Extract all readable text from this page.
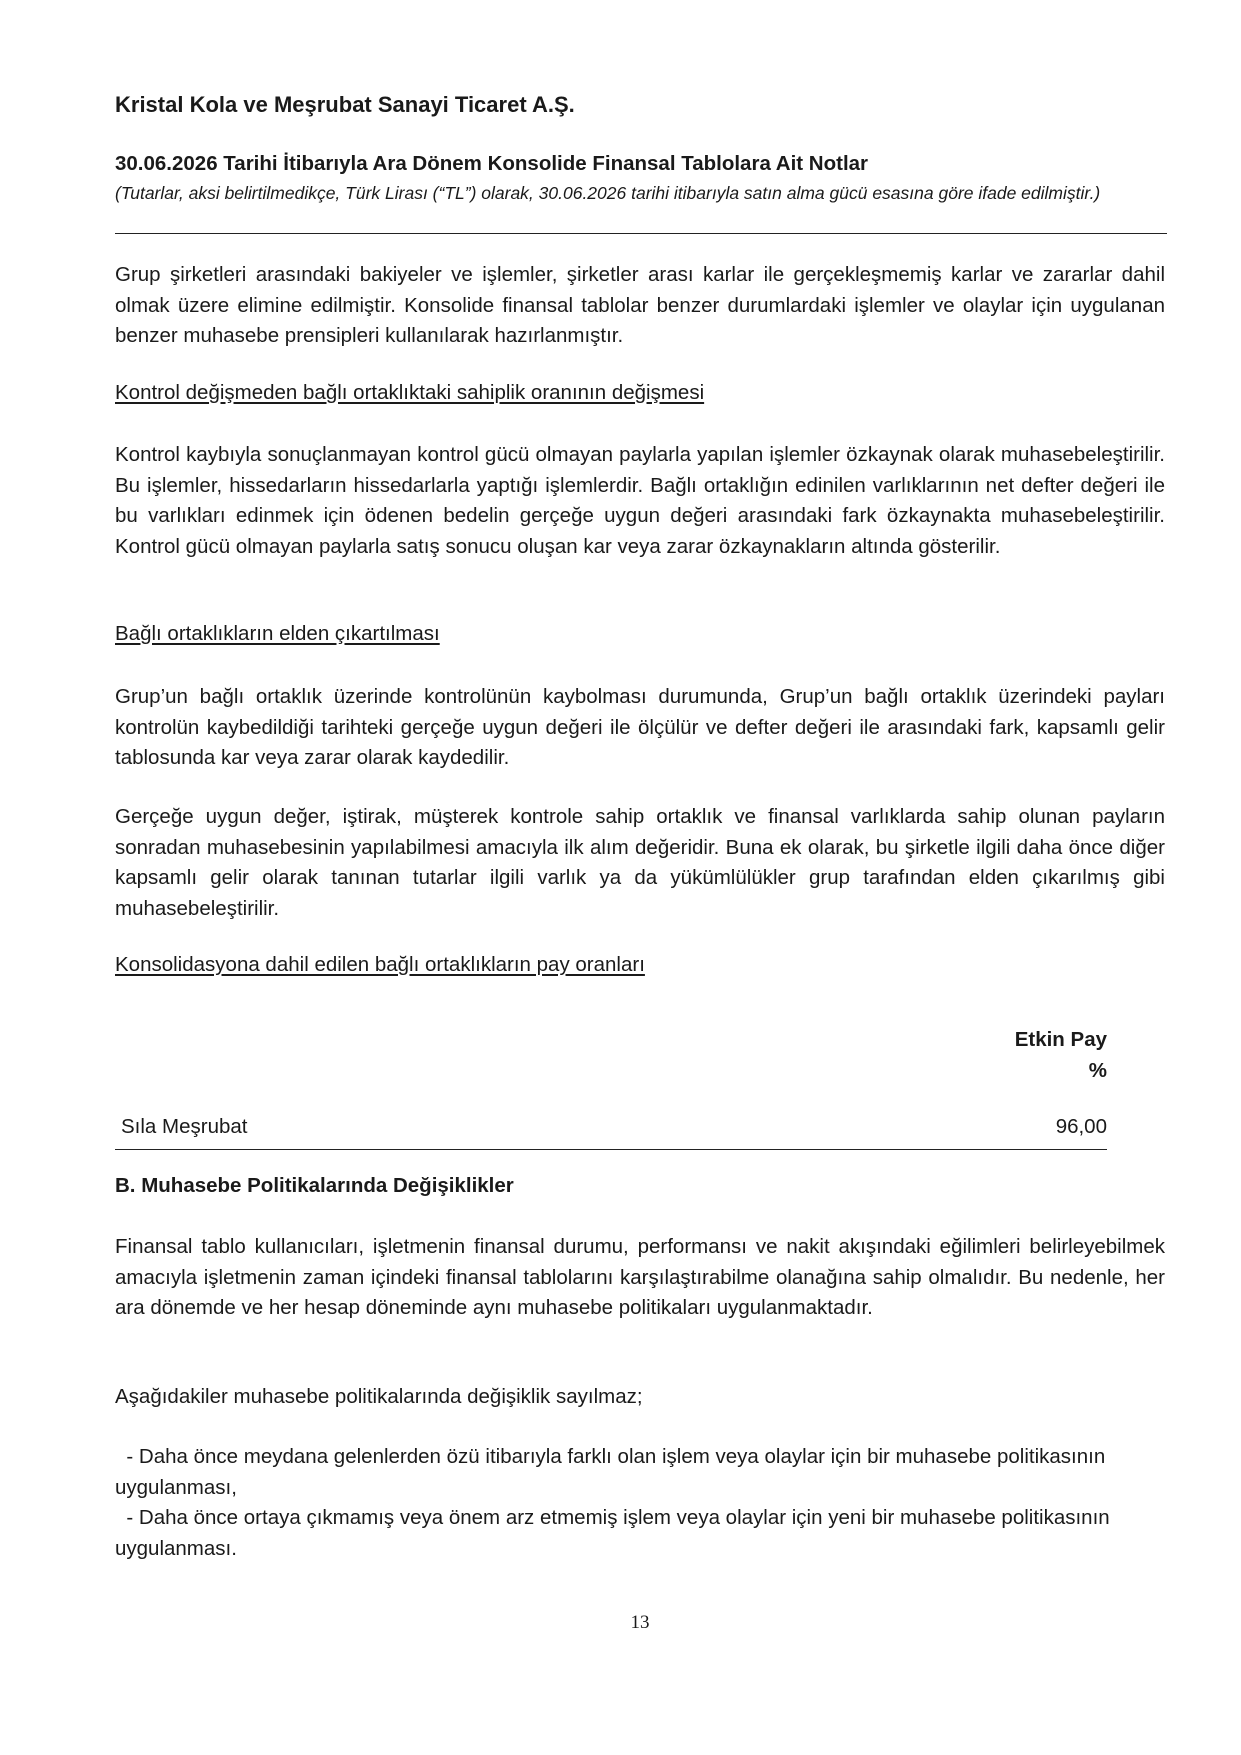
Kristal Kola ve Meşrubat Sanayi Ticaret A.Ş.
30.06.2026 Tarihi İtibarıyla Ara Dönem Konsolide Finansal Tablolara Ait Notlar
(Tutarlar, aksi belirtilmedikçe, Türk Lirası (“TL”) olarak, 30.06.2026 tarihi itibarıyla satın alma gücü esasına göre ifade edilmiştir.)
Grup şirketleri arasındaki bakiyeler ve işlemler, şirketler arası karlar ile gerçekleşmemiş karlar ve zararlar dahil olmak üzere elimine edilmiştir. Konsolide finansal tablolar benzer durumlardaki işlemler ve olaylar için uygulanan benzer muhasebe prensipleri kullanılarak hazırlanmıştır.
Kontrol değişmeden bağlı ortaklıktaki sahiplik oranının değişmesi
Kontrol kaybıyla sonuçlanmayan kontrol gücü olmayan paylarla yapılan işlemler özkaynak olarak muhasebeleştirilir. Bu işlemler, hissedarların hissedarlarla yaptığı işlemlerdir. Bağlı ortaklığın edinilen varlıklarının net defter değeri ile bu varlıkları edinmek için ödenen bedelin gerçeğe uygun değeri arasındaki fark özkaynakta muhasebeleştirilir. Kontrol gücü olmayan paylarla satış sonucu oluşan kar veya zarar özkaynakların altında gösterilir.
Bağlı ortaklıkların elden çıkartılması
Grup’un bağlı ortaklık üzerinde kontrolünün kaybolması durumunda, Grup’un bağlı ortaklık üzerindeki payları kontrolün kaybedildiği tarihteki gerçeğe uygun değeri ile ölçülür ve defter değeri ile arasındaki fark, kapsamlı gelir tablosunda kar veya zarar olarak kaydedilir.
Gerçeğe uygun değer, iştirak, müşterek kontrole sahip ortaklık ve finansal varlıklarda sahip olunan payların sonradan muhasebesinin yapılabilmesi amacıyla ilk alım değeridir. Buna ek olarak, bu şirketle ilgili daha önce diğer kapsamlı gelir olarak tanınan tutarlar ilgili varlık ya da yükümlülükler grup tarafından elden çıkarılmış gibi muhasebeleştirilir.
Konsolidasyona dahil edilen bağlı ortaklıkların pay oranları
Etkin Pay
%
Sıla Meşrubat	96,00
B. Muhasebe Politikalarında Değişiklikler
Finansal tablo kullanıcıları, işletmenin finansal durumu, performansı ve nakit akışındaki eğilimleri belirleyebilmek amacıyla işletmenin zaman içindeki finansal tablolarını karşılaştırabilme olanağına sahip olmalıdır. Bu nedenle, her ara dönemde ve her hesap döneminde aynı muhasebe politikaları uygulanmaktadır.
Aşağıdakiler muhasebe politikalarında değişiklik sayılmaz;
- Daha önce meydana gelenlerden özü itibarıyla farklı olan işlem veya olaylar için bir muhasebe politikasının uygulanması,
- Daha önce ortaya çıkmamış veya önem arz etmemiş işlem veya olaylar için yeni bir muhasebe politikasının uygulanması.
13
